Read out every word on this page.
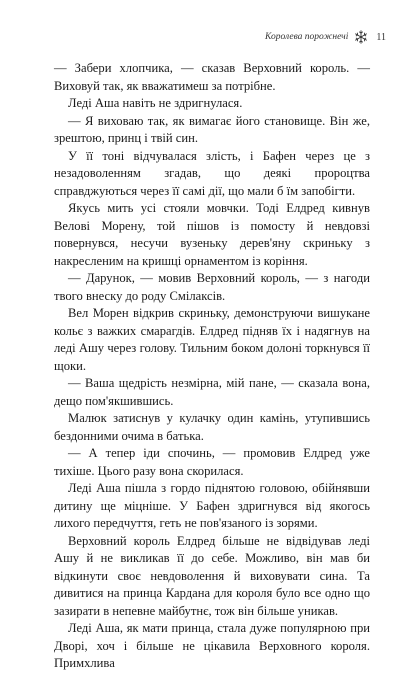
Королева порожнечі	11

— Забери хлопчика, — сказав Верховний король. — Виховуй так, як вважатимеш за потрібне.

Леді Аша навіть не здригнулася.

— Я виховаю так, як вимагає його становище. Він же, зрештою, принц і твій син.

У її тоні відчувалася злість, і Бафен через це з незадоволенням згадав, що деякі пророцтва справджуються через її самі дії, що мали б їм запобігти.

Якусь мить усі стояли мовчки. Тоді Елдред кивнув Велові Морену, той пішов із помосту й невдовзі повернувся, несучи вузеньку дерев'яну скриньку з накресленим на кришці орнаментом із коріння.

— Дарунок, — мовив Верховний король, — з нагоди твого внеску до роду Смілаксів.

Вел Морен відкрив скриньку, демонструючи вишукане кольє з важких смарагдів. Елдред підняв їх і надягнув на леді Ашу через голову. Тильним боком долоні торкнувся її щоки.

— Ваша щедрість незмірна, мій пане, — сказала вона, дещо пом'якшившись.

Малюк затиснув у кулачку один камінь, утупившись бездонними очима в батька.

— А тепер іди спочинь, — промовив Елдред уже тихіше. Цього разу вона скорилася.

Леді Аша пішла з гордо піднятою головою, обійнявши дитину ще міцніше. У Бафен здригнувся від якогось лихого передчуття, геть не пов'язаного із зорями.

Верховний король Елдред більше не відвідував леді Ашу й не викликав її до себе. Можливо, він мав би відкинути своє невдоволення й виховувати сина. Та дивитися на принца Кардана для короля було все одно що зазирати в непевне майбутнє, тож він більше уникав.

Леді Аша, як мати принца, стала дуже популярною при Дворі, хоч і більше не цікавила Верховного короля. Примхлива
